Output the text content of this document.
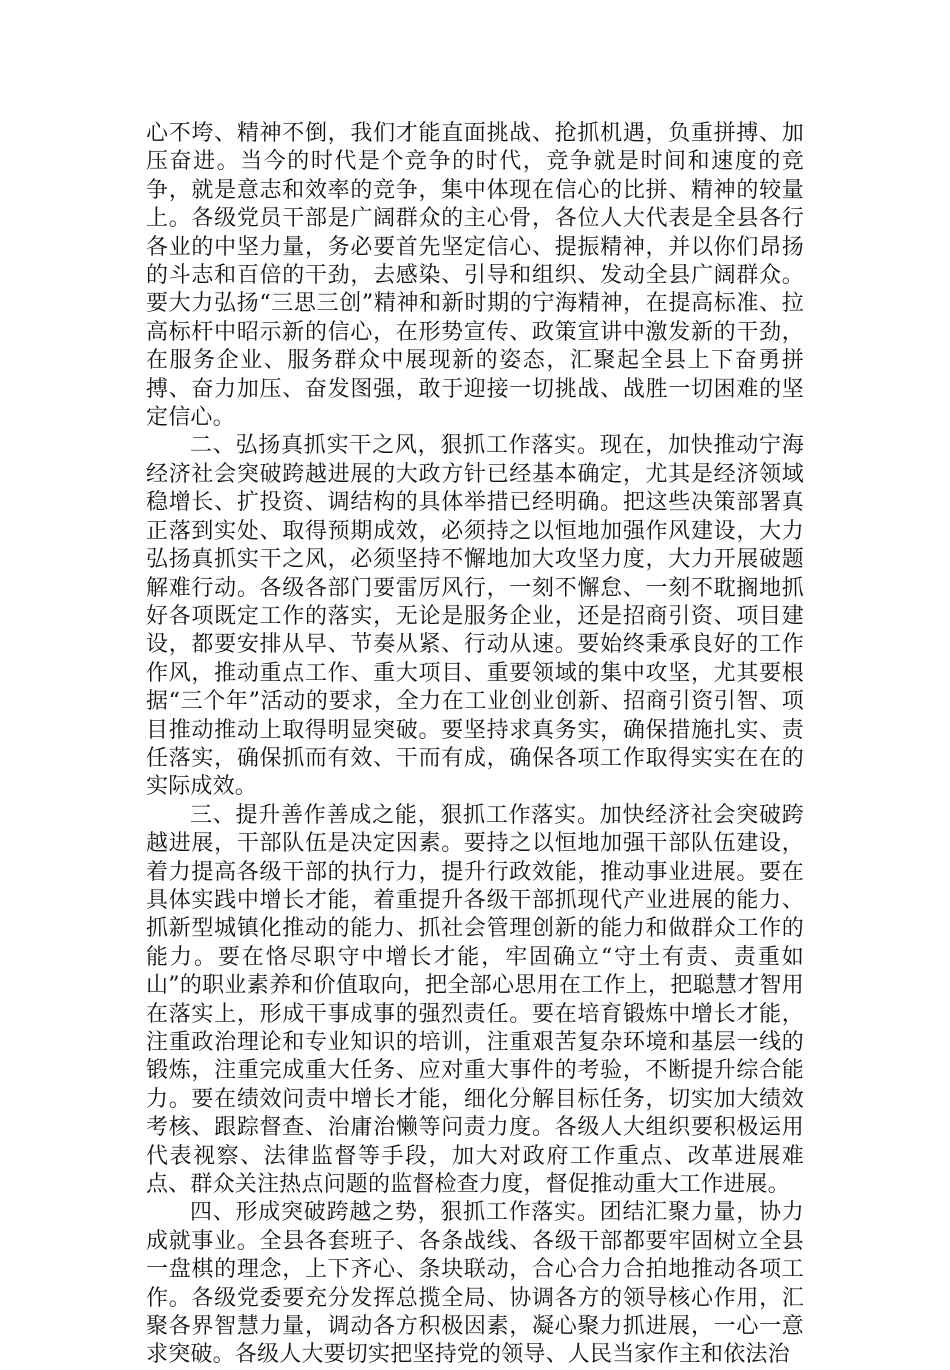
心不垮、精神不倒，我们才能直面挑战、抢抓机遇，负重拼搏、加压奋进。当今的时代是个竞争的时代，竞争就是时间和速度的竞争，就是意志和效率的竞争，集中体现在信心的比拼、精神的较量上。各级党员干部是广阔群众的主心骨，各位人大代表是全县各行各业的中坚力量，务必要首先坚定信心、提振精神，并以你们昂扬的斗志和百倍的干劲，去感染、引导和组织、发动全县广阔群众。要大力弘扬“三思三创”精神和新时期的宁海精神，在提高标准、拉高标杆中昭示新的信心，在形势宣传、政策宣讲中激发新的干劲，在服务企业、服务群众中展现新的姿态，汇聚起全县上下奋勇拼搏、奋力加压、奋发图强，敢于迎接一切挑战、战胜一切困难的坚定信心。

二、弘扬真抓实干之风，狠抓工作落实。现在，加快推动宁海经济社会突破跨越进展的大政方针已经基本确定，尤其是经济领域稳增长、扩投资、调结构的具体举措已经明确。把这些决策部署真正落到实处、取得预期成效，必须持之以恒地加强作风建设，大力弘扬真抓实干之风，必须坚持不懈地加大攻坚力度，大力开展破题解难行动。各级各部门要雷厉风行，一刻不懈怠、一刻不耽搁地抓好各项既定工作的落实，无论是服务企业，还是招商引资、项目建设，都要安排从早、节奏从紧、行动从速。要始终秉承良好的工作作风，推动重点工作、重大项目、重要领域的集中攻坚，尤其要根据“三个年”活动的要求，全力在工业创业创新、招商引资引智、项目推动推动上取得明显突破。要坚持求真务实，确保措施扎实、责任落实，确保抓而有效、干而有成，确保各项工作取得实实在在的实际成效。

三、提升善作善成之能，狠抓工作落实。加快经济社会突破跨越进展，干部队伍是决定因素。要持之以恒地加强干部队伍建设，着力提高各级干部的执行力，提升行政效能，推动事业进展。要在具体实践中增长才能，着重提升各级干部抓现代产业进展的能力、抓新型城镇化推动的能力、抓社会管理创新的能力和做群众工作的能力。要在恪尽职守中增长才能，牢固确立“守土有责、责重如山”的职业素养和价值取向，把全部心思用在工作上，把聪慧才智用在落实上，形成干事成事的强烈责任。要在培育锻炼中增长才能，注重政治理论和专业知识的培训，注重艰苦复杂环境和基层一线的锻炼，注重完成重大任务、应对重大事件的考验，不断提升综合能力。要在绩效问责中增长才能，细化分解目标任务，切实加大绩效考核、跟踪督查、治庸治懒等问责力度。各级人大组织要积极运用代表视察、法律监督等手段，加大对政府工作重点、改革进展难点、群众关注热点问题的监督检查力度，督促推动重大工作进展。

四、形成突破跨越之势，狠抓工作落实。团结汇聚力量，协力成就事业。全县各套班子、各条战线、各级干部都要牢固树立全县一盘棋的理念，上下齐心、条块联动，合心合力合拍地推动各项工作。各级党委要充分发挥总揽全局、协调各方的领导核心作用，汇聚各界智慧力量，调动各方积极因素，凝心聚力抓进展，一心一意求突破。各级人大要切实把坚持党的领导、人民当家作主和依法治
